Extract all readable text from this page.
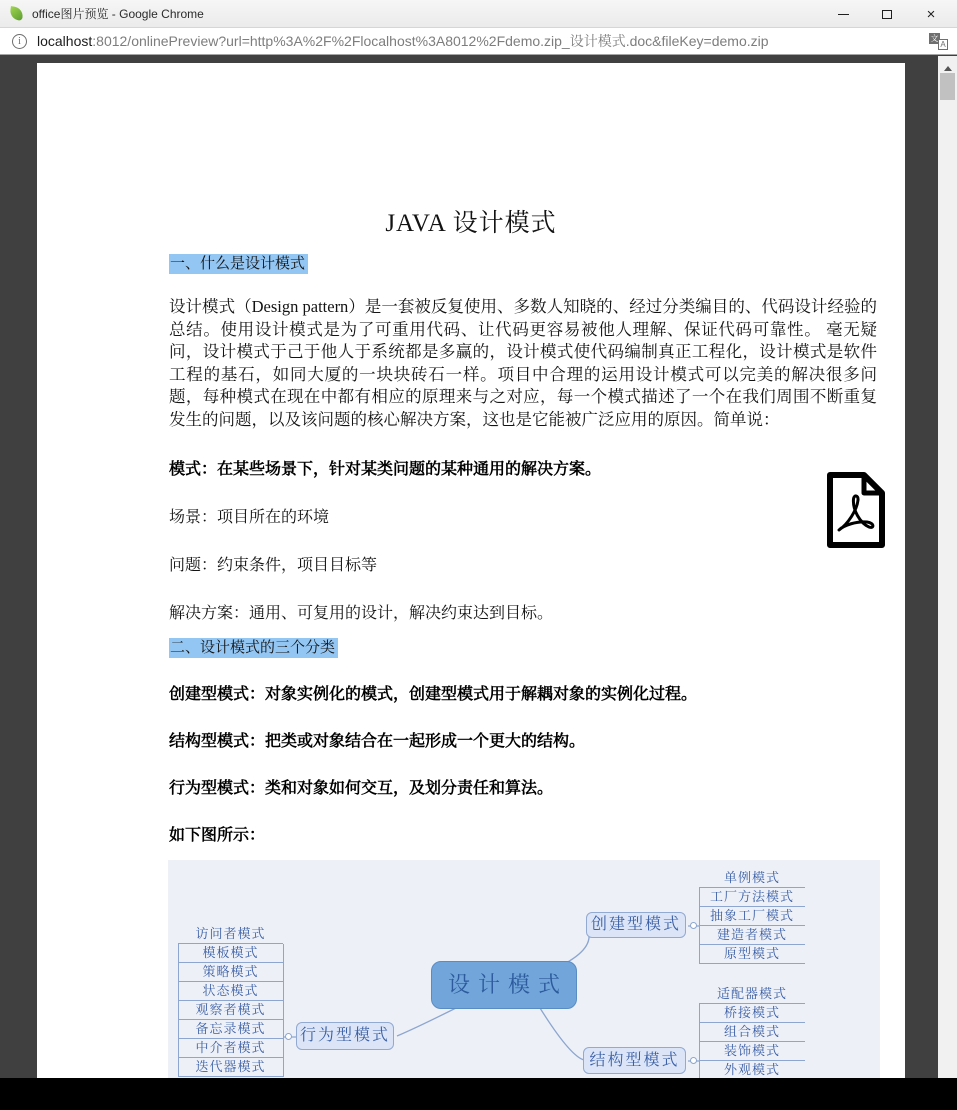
office图片预览 - Google Chrome	×
i	localhost:8012/onlinePreview?url=http%3A%2F%2Flocalhost%3A8012%2Fdemo.zip_设计模式.doc&fileKey=demo.zip	文
A
JAVA 设计模式
一、什么是设计模式
设计模式（Design pattern）是一套被反复使用、多数人知晓的、经过分类编目的、代码设计经验的总结。使用设计模式是为了可重用代码、让代码更容易被他人理解、保证代码可靠性。 毫无疑问，设计模式于己于他人于系统都是多赢的，设计模式使代码编制真正工程化，设计模式是软件工程的基石，如同大厦的一块块砖石一样。项目中合理的运用设计模式可以完美的解决很多问题，每种模式在现在中都有相应的原理来与之对应，每一个模式描述了一个在我们周围不断重复发生的问题，以及该问题的核心解决方案，这也是它能被广泛应用的原因。简单说：
模式：在某些场景下，针对某类问题的某种通用的解决方案。
场景：项目所在的环境
问题：约束条件，项目目标等
解决方案：通用、可复用的设计，解决约束达到目标。
二、设计模式的三个分类
创建型模式：对象实例化的模式，创建型模式用于解耦对象的实例化过程。
结构型模式：把类或对象结合在一起形成一个更大的结构。
行为型模式：类和对象如何交互，及划分责任和算法。
如下图所示：
设计模式
创建型模式
结构型模式
行为型模式
单例模式
工厂方法模式
抽象工厂模式
建造者模式
原型模式
适配器模式
桥接模式
组合模式
装饰模式
外观模式
访问者模式
模板模式
策略模式
状态模式
观察者模式
备忘录模式
中介者模式
迭代器模式
